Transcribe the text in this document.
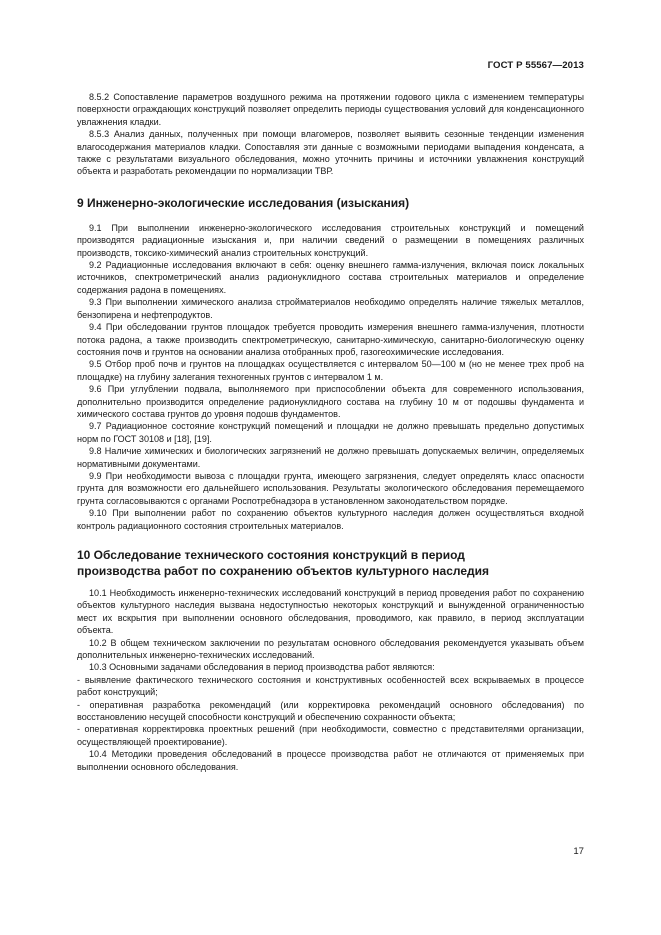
ГОСТ Р 55567—2013

8.5.2 Сопоставление параметров воздушного режима на протяжении годового цикла с изменением температуры поверхности ограждающих конструкций позволяет определить периоды существования условий для конденсационного увлажнения кладки.

8.5.3 Анализ данных, полученных при помощи влагомеров, позволяет выявить сезонные тенденции изменения влагосодержания материалов кладки. Сопоставляя эти данные с возможными периодами выпадения конденсата, а также с результатами визуального обследования, можно уточнить причины и источники увлажнения конструкций объекта и разработать рекомендации по нормализации ТВР.

9 Инженерно-экологические исследования (изыскания)

9.1 При выполнении инженерно-экологического исследования строительных конструкций и помещений производятся радиационные изыскания и, при наличии сведений о размещении в помещениях различных производств, токсико-химический анализ строительных конструкций.

9.2 Радиационные исследования включают в себя: оценку внешнего гамма-излучения, включая поиск локальных источников, спектрометрический анализ радионуклидного состава строительных материалов и определение содержания радона в помещениях.

9.3 При выполнении химического анализа стройматериалов необходимо определять наличие тяжелых металлов, бензопирена и нефтепродуктов.

9.4 При обследовании грунтов площадок требуется проводить измерения внешнего гамма-излучения, плотности потока радона, а также производить спектрометрическую, санитарно-химическую, санитарно-биологическую оценку состояния почв и грунтов на основании анализа отобранных проб, газогеохимические исследования.

9.5 Отбор проб почв и грунтов на площадках осуществляется с интервалом 50—100 м (но не менее трех проб на площадке) на глубину залегания техногенных грунтов с интервалом 1 м.

9.6 При углублении подвала, выполняемого при приспособлении объекта для современного использования, дополнительно производится определение радионуклидного состава на глубину 10 м от подошвы фундамента и химического состава грунтов до уровня подошв фундаментов.

9.7 Радиационное состояние конструкций помещений и площадки не должно превышать предельно допустимых норм по ГОСТ 30108 и [18], [19].

9.8 Наличие химических и биологических загрязнений не должно превышать допускаемых величин, определяемых нормативными документами.

9.9 При необходимости вывоза с площадки грунта, имеющего загрязнения, следует определять класс опасности грунта для возможности его дальнейшего использования. Результаты экологического обследования перемещаемого грунта согласовываются с органами Роспотребнадзора в установленном законодательством порядке.

9.10 При выполнении работ по сохранению объектов культурного наследия должен осуществляться входной контроль радиационного состояния строительных материалов.

10 Обследование технического состояния конструкций в период
производства работ по сохранению объектов культурного наследия

10.1 Необходимость инженерно-технических исследований конструкций в период проведения работ по сохранению объектов культурного наследия вызвана недоступностью некоторых конструкций и вынужденной ограниченностью мест их вскрытия при выполнении основного обследования, проводимого, как правило, в период эксплуатации объекта.

10.2 В общем техническом заключении по результатам основного обследования рекомендуется указывать объем дополнительных инженерно-технических исследований.

10.3 Основными задачами обследования в период производства работ являются:

- выявление фактического технического состояния и конструктивных особенностей всех вскрываемых в процессе работ конструкций;

- оперативная разработка рекомендаций (или корректировка рекомендаций основного обследования) по восстановлению несущей способности конструкций и обеспечению сохранности объекта;

- оперативная корректировка проектных решений (при необходимости, совместно с представителями организации, осуществляющей проектирование).

10.4 Методики проведения обследований в процессе производства работ не отличаются от применяемых при выполнении основного обследования.

17
